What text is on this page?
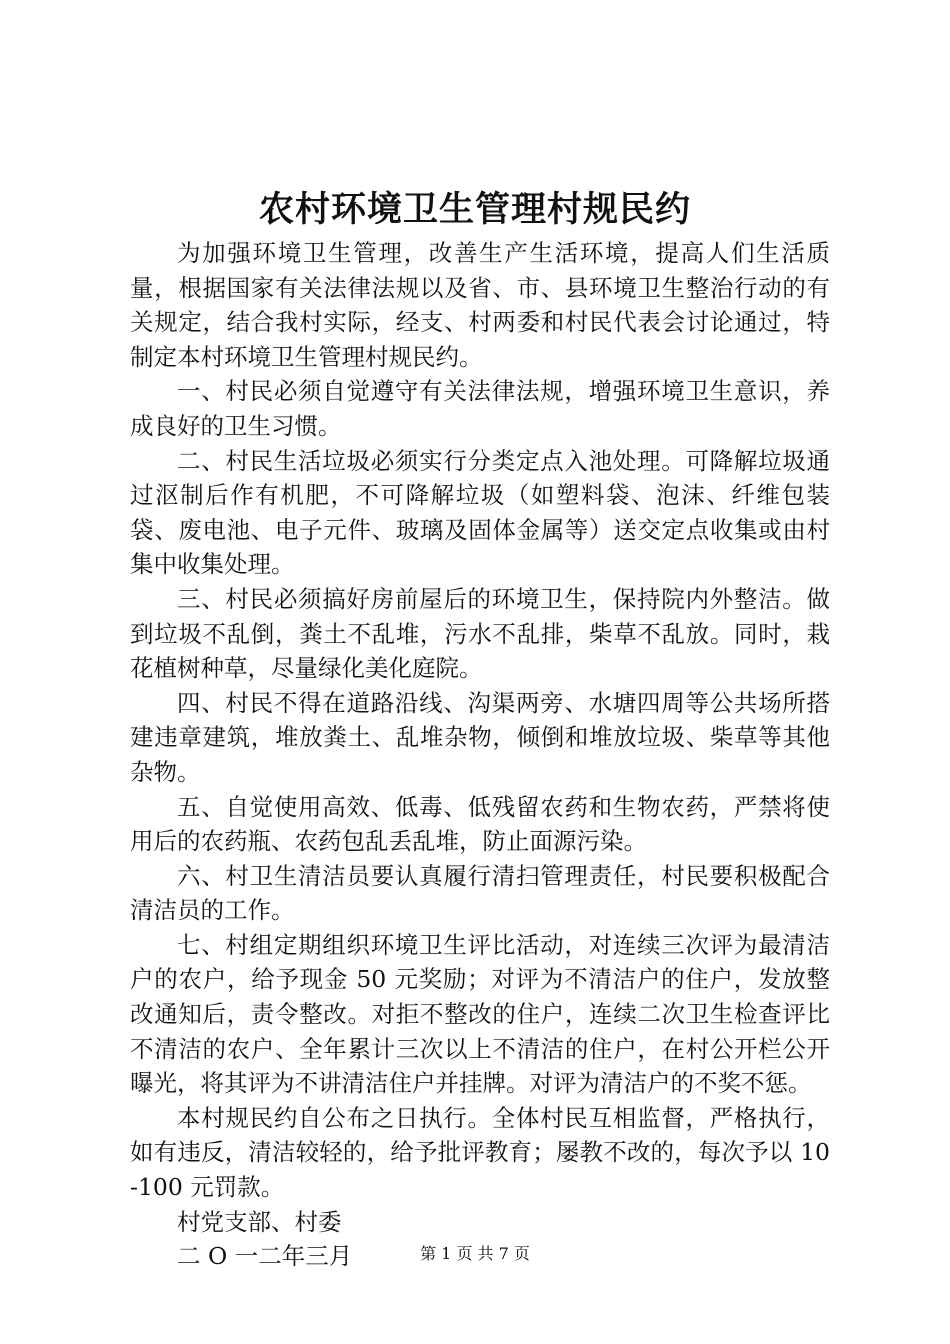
农村环境卫生管理村规民约

为加强环境卫生管理，改善生产生活环境，提高人们生活质量，根据国家有关法律法规以及省、市、县环境卫生整治行动的有关规定，结合我村实际，经支、村两委和村民代表会讨论通过，特制定本村环境卫生管理村规民约。

一、村民必须自觉遵守有关法律法规，增强环境卫生意识，养成良好的卫生习惯。

二、村民生活垃圾必须实行分类定点入池处理。可降解垃圾通过沤制后作有机肥，不可降解垃圾（如塑料袋、泡沫、纤维包装袋、废电池、电子元件、玻璃及固体金属等）送交定点收集或由村集中收集处理。

三、村民必须搞好房前屋后的环境卫生，保持院内外整洁。做到垃圾不乱倒，粪土不乱堆，污水不乱排，柴草不乱放。同时，栽花植树种草，尽量绿化美化庭院。

四、村民不得在道路沿线、沟渠两旁、水塘四周等公共场所搭建违章建筑，堆放粪土、乱堆杂物，倾倒和堆放垃圾、柴草等其他杂物。

五、自觉使用高效、低毒、低残留农药和生物农药，严禁将使用后的农药瓶、农药包乱丢乱堆，防止面源污染。

六、村卫生清洁员要认真履行清扫管理责任，村民要积极配合清洁员的工作。

七、村组定期组织环境卫生评比活动，对连续三次评为最清洁户的农户，给予现金 50 元奖励；对评为不清洁户的住户，发放整改通知后，责令整改。对拒不整改的住户，连续二次卫生检查评比不清洁的农户、全年累计三次以上不清洁的住户，在村公开栏公开曝光，将其评为不讲清洁住户并挂牌。对评为清洁户的不奖不惩。

本村规民约自公布之日执行。全体村民互相监督，严格执行，如有违反，清洁较轻的，给予批评教育；屡教不改的，每次予以 10-100 元罚款。

村党支部、村委

二 O 一二年三月	第 1 页 共 7 页
